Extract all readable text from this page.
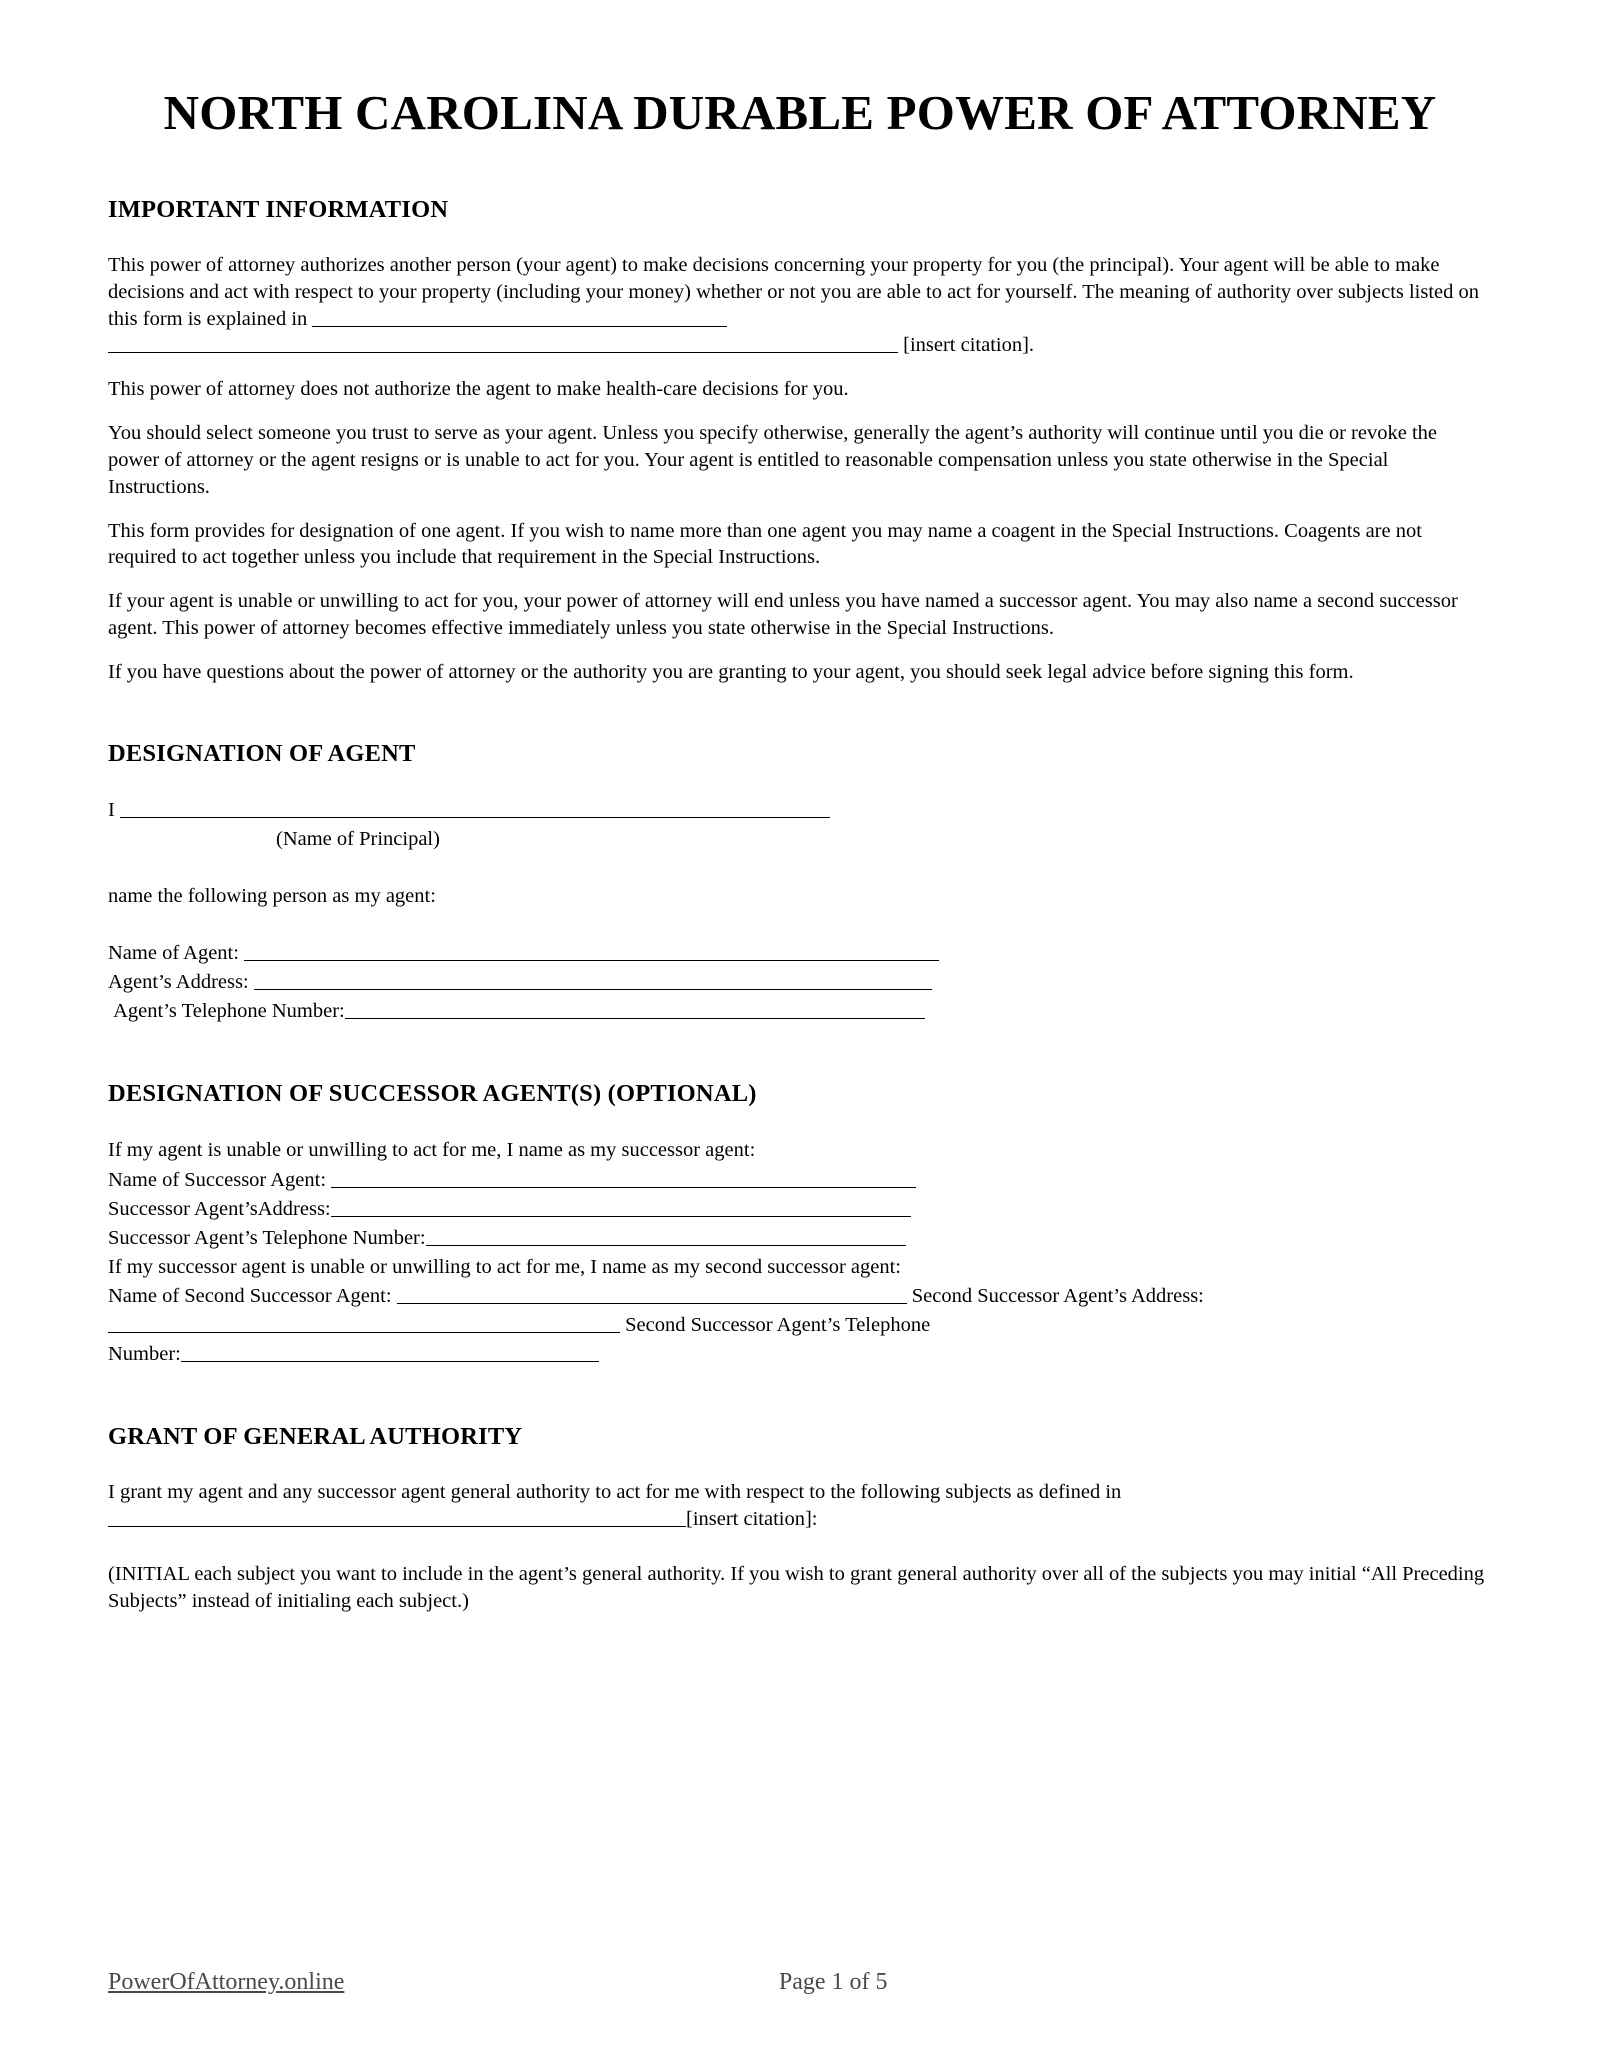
NORTH CAROLINA DURABLE POWER OF ATTORNEY
IMPORTANT INFORMATION

This power of attorney authorizes another person (your agent) to make decisions concerning your property for you (the principal). Your agent will be able to make decisions and act with respect to your property (including your money) whether or not you are able to act for yourself. The meaning of authority over subjects listed on this form is explained in
[insert citation].

This power of attorney does not authorize the agent to make health-care decisions for you.

You should select someone you trust to serve as your agent. Unless you specify otherwise, generally the agent’s authority will continue until you die or revoke the power of attorney or the agent resigns or is unable to act for you. Your agent is entitled to reasonable compensation unless you state otherwise in the Special Instructions.

This form provides for designation of one agent. If you wish to name more than one agent you may name a coagent in the Special Instructions. Coagents are not required to act together unless you include that requirement in the Special Instructions.

If your agent is unable or unwilling to act for you, your power of attorney will end unless you have named a successor agent. You may also name a second successor agent. This power of attorney becomes effective immediately unless you state otherwise in the Special Instructions.

If you have questions about the power of attorney or the authority you are granting to your agent, you should seek legal advice before signing this form.

DESIGNATION OF AGENT
I
(Name of Principal)
name the following person as my agent:
Name of Agent:
Agent’s Address:
Agent’s Telephone Number:
DESIGNATION OF SUCCESSOR AGENT(S) (OPTIONAL)
If my agent is unable or unwilling to act for me, I name as my successor agent:
Name of Successor Agent:
Successor Agent’sAddress:
Successor Agent’s Telephone Number:
If my successor agent is unable or unwilling to act for me, I name as my second successor agent:
Name of Second Successor Agent:	Second Successor Agent’s Address:
Second Successor Agent’s Telephone
Number:
GRANT OF GENERAL AUTHORITY

I grant my agent and any successor agent general authority to act for me with respect to the following subjects as defined in
[insert citation]:

(INITIAL each subject you want to include in the agent’s general authority. If you wish to grant general authority over all of the subjects you may initial “All Preceding Subjects” instead of initialing each subject.)

PowerOfAttorney.online	Page 1 of 5
